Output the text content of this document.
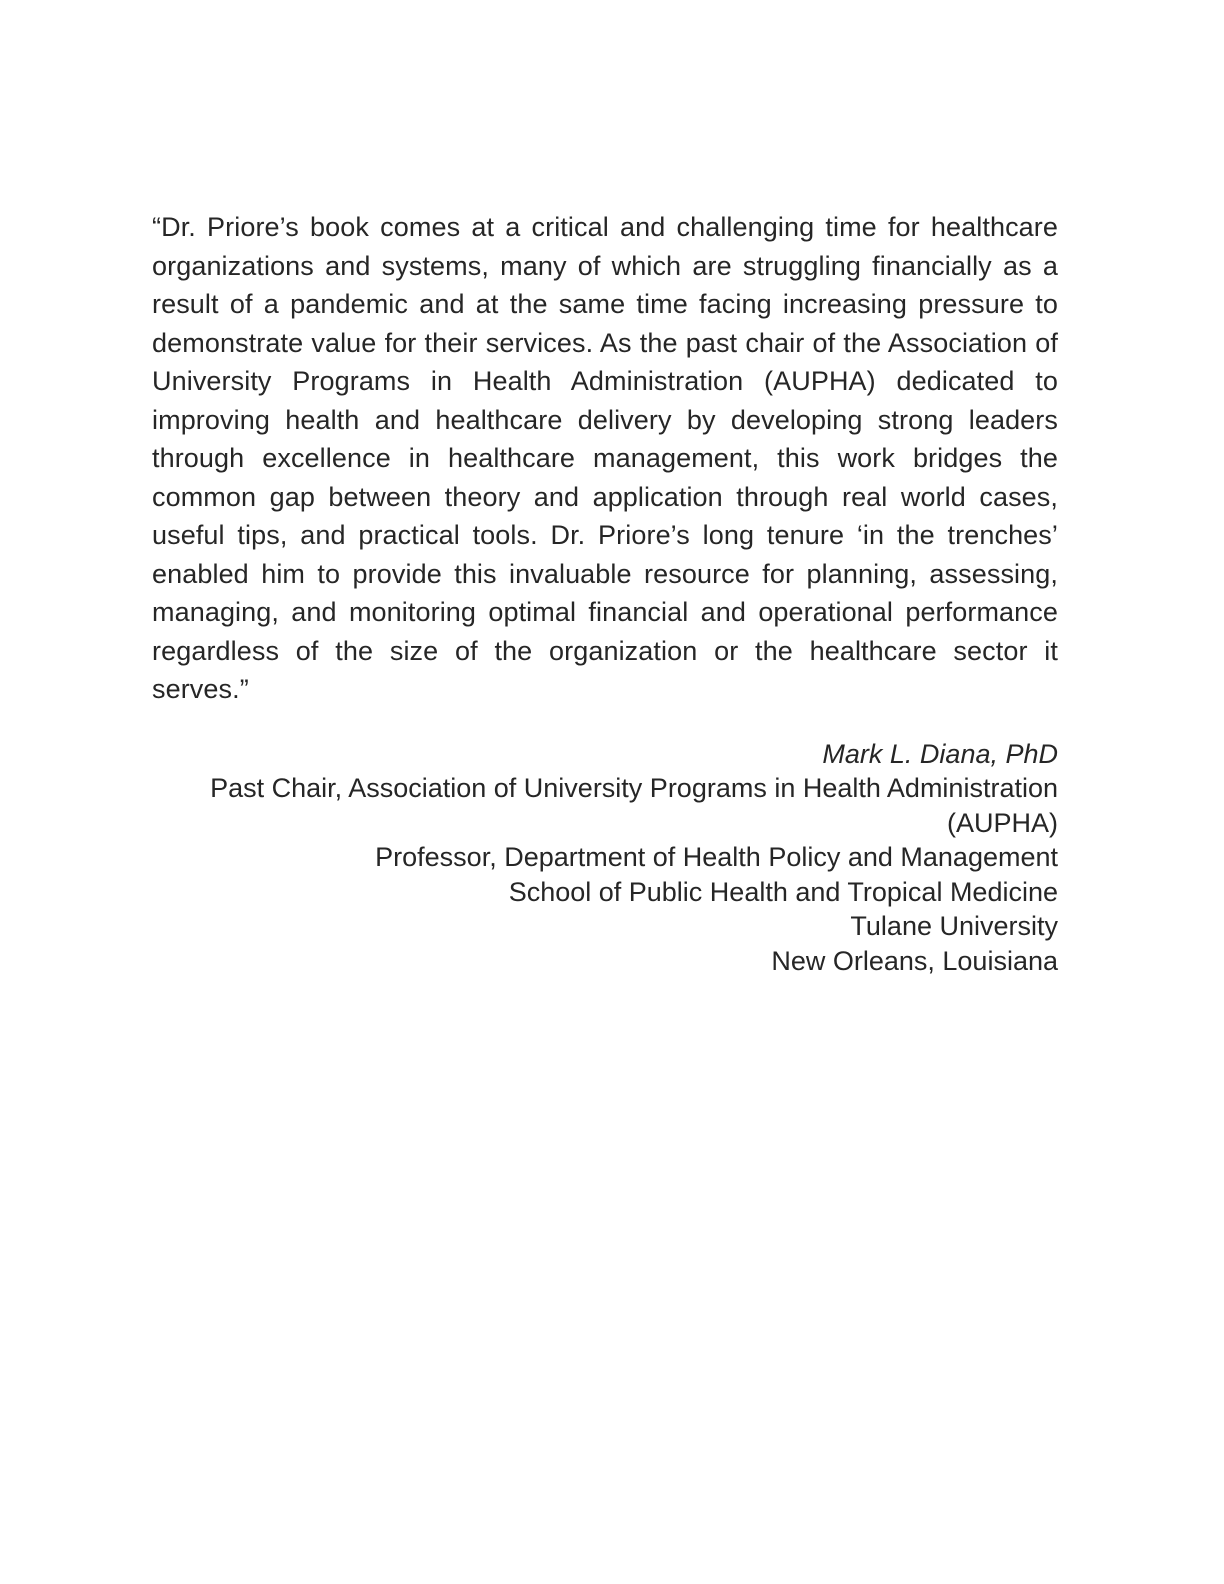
“Dr. Priore’s book comes at a critical and challenging time for healthcare organizations and systems, many of which are struggling financially as a result of a pandemic and at the same time facing increasing pressure to demonstrate value for their services. As the past chair of the Association of University Programs in Health Administration (AUPHA) dedicated to improving health and healthcare delivery by developing strong leaders through excellence in healthcare management, this work bridges the common gap between theory and application through real world cases, useful tips, and practical tools. Dr. Priore’s long tenure ‘in the trenches’ enabled him to provide this invaluable resource for planning, assessing, managing, and monitoring optimal financial and operational performance regardless of the size of the organization or the healthcare sector it serves.”

Mark L. Diana, PhD
Past Chair, Association of University Programs in Health Administration (AUPHA)
Professor, Department of Health Policy and Management
School of Public Health and Tropical Medicine
Tulane University
New Orleans, Louisiana
